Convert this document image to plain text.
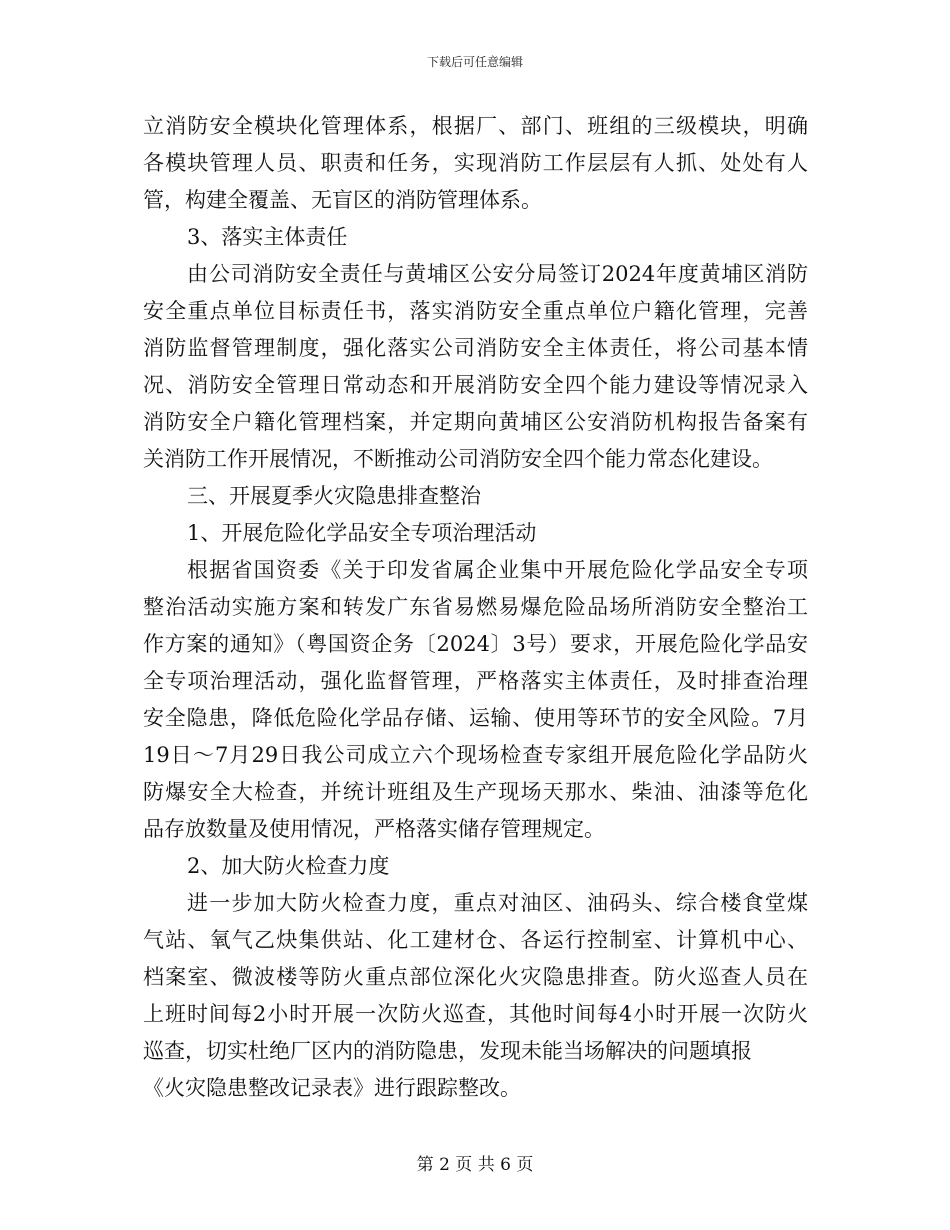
下载后可任意编辑
立消防安全模块化管理体系，根据厂、部门、班组的三级模块，明确
各模块管理人员、职责和任务，实现消防工作层层有人抓、处处有人
管，构建全覆盖、无盲区的消防管理体系。
3、落实主体责任
由公司消防安全责任与黄埔区公安分局签订2024年度黄埔区消防
安全重点单位目标责任书，落实消防安全重点单位户籍化管理，完善
消防监督管理制度，强化落实公司消防安全主体责任，将公司基本情
况、消防安全管理日常动态和开展消防安全四个能力建设等情况录入
消防安全户籍化管理档案，并定期向黄埔区公安消防机构报告备案有
关消防工作开展情况，不断推动公司消防安全四个能力常态化建设。
三、开展夏季火灾隐患排查整治
1、开展危险化学品安全专项治理活动
根据省国资委《关于印发省属企业集中开展危险化学品安全专项
整治活动实施方案和转发广东省易燃易爆危险品场所消防安全整治工
作方案的通知》（粤国资企务〔2024〕3号）要求，开展危险化学品安
全专项治理活动，强化监督管理，严格落实主体责任，及时排查治理
安全隐患，降低危险化学品存储、运输、使用等环节的安全风险。7月
19日～7月29日我公司成立六个现场检查专家组开展危险化学品防火
防爆安全大检查，并统计班组及生产现场天那水、柴油、油漆等危化
品存放数量及使用情况，严格落实储存管理规定。
2、加大防火检查力度
进一步加大防火检查力度，重点对油区、油码头、综合楼食堂煤
气站、氧气乙炔集供站、化工建材仓、各运行控制室、计算机中心、
档案室、微波楼等防火重点部位深化火灾隐患排查。防火巡查人员在
上班时间每2小时开展一次防火巡查，其他时间每4小时开展一次防火
巡查，切实杜绝厂区内的消防隐患，发现未能当场解决的问题填报
《火灾隐患整改记录表》进行跟踪整改。
第 2 页 共 6 页
